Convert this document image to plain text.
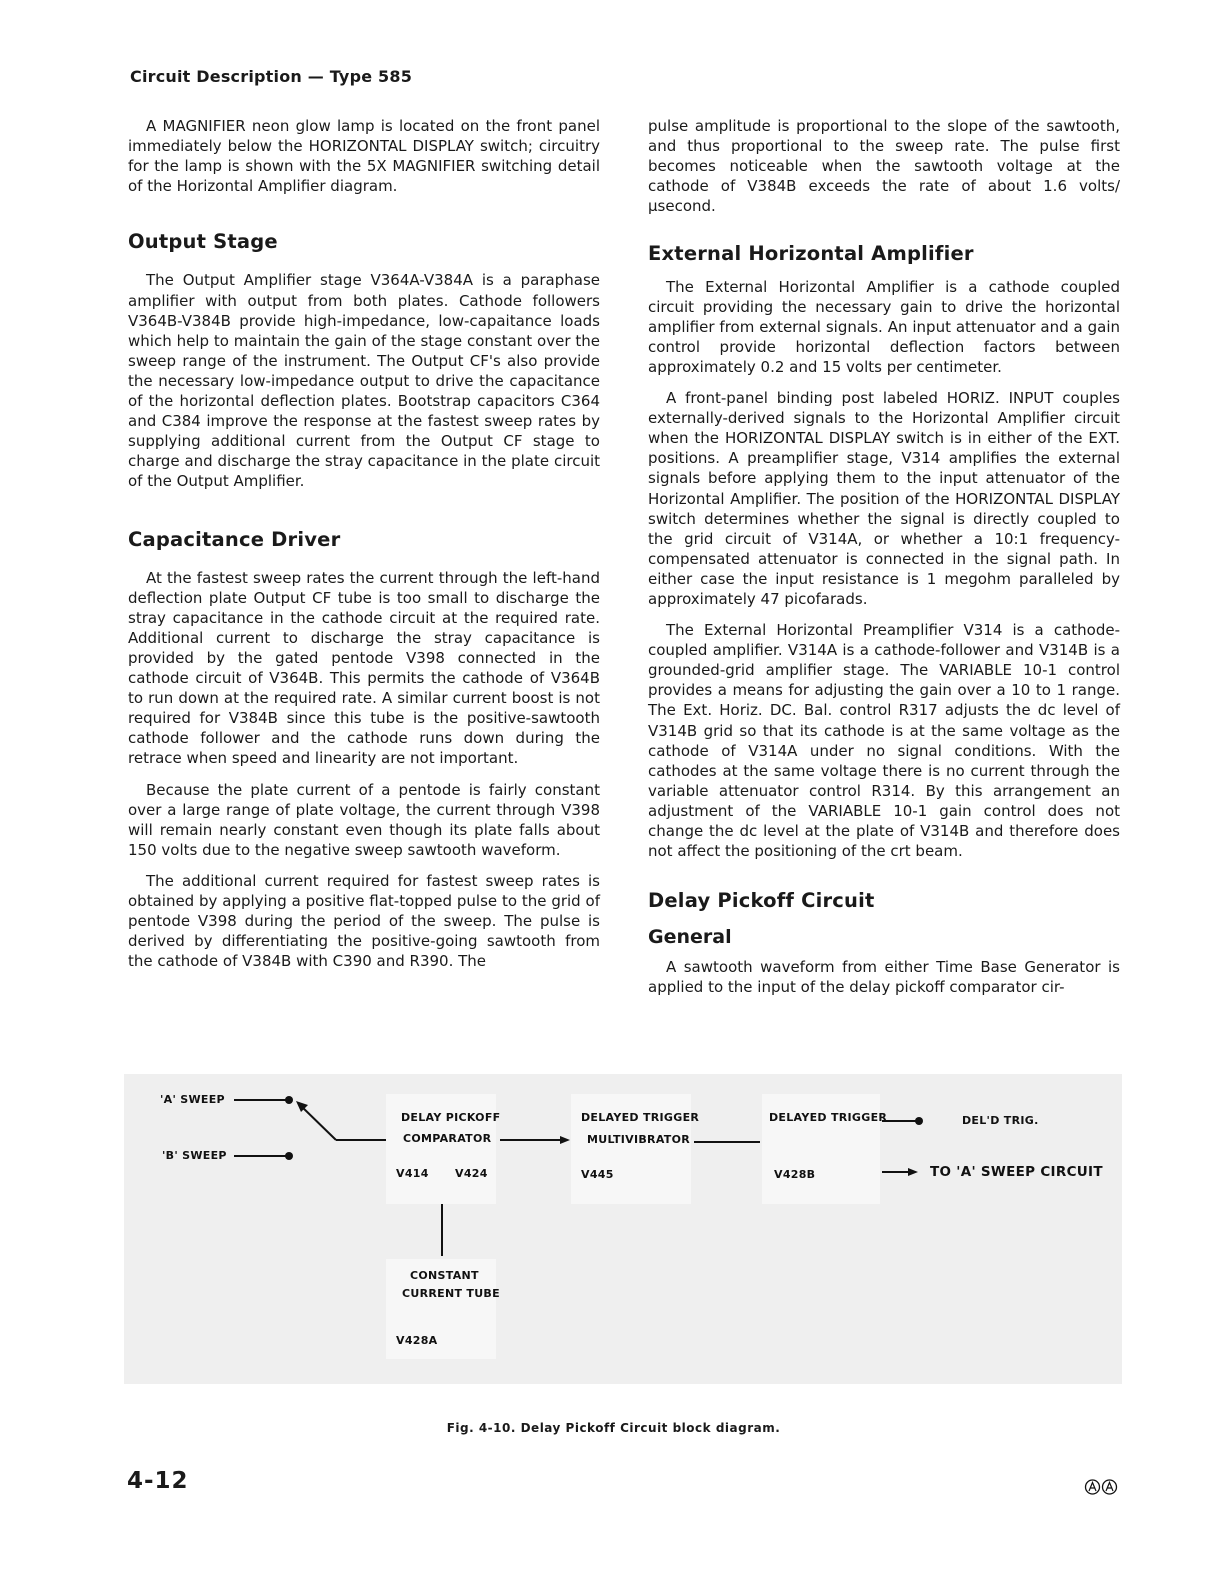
Circuit Description — Type 585

A MAGNIFIER neon glow lamp is located on the front panel immediately below the HORIZONTAL DISPLAY switch; circuitry for the lamp is shown with the 5X MAGNIFIER switching detail of the Horizontal Amplifier diagram.

Output Stage

The Output Amplifier stage V364A-V384A is a paraphase amplifier with output from both plates. Cathode followers V364B-V384B provide high-impedance, low-capaitance loads which help to maintain the gain of the stage constant over the sweep range of the instrument. The Output CF's also provide the necessary low-impedance output to drive the capacitance of the horizontal deflection plates. Bootstrap capacitors C364 and C384 improve the response at the fastest sweep rates by supplying additional current from the Output CF stage to charge and discharge the stray capacitance in the plate circuit of the Output Amplifier.

Capacitance Driver

At the fastest sweep rates the current through the left-hand deflection plate Output CF tube is too small to discharge the stray capacitance in the cathode circuit at the required rate. Additional current to discharge the stray capacitance is provided by the gated pentode V398 connected in the cathode circuit of V364B. This permits the cathode of V364B to run down at the required rate. A similar current boost is not required for V384B since this tube is the positive-sawtooth cathode follower and the cathode runs down during the retrace when speed and linearity are not important.

Because the plate current of a pentode is fairly constant over a large range of plate voltage, the current through V398 will remain nearly constant even though its plate falls about 150 volts due to the negative sweep sawtooth waveform.

The additional current required for fastest sweep rates is obtained by applying a positive flat-topped pulse to the grid of pentode V398 during the period of the sweep. The pulse is derived by differentiating the positive-going sawtooth from the cathode of V384B with C390 and R390. The

pulse amplitude is proportional to the slope of the sawtooth, and thus proportional to the sweep rate. The pulse first becomes noticeable when the sawtooth voltage at the cathode of V384B exceeds the rate of about 1.6 volts/μsecond.

External Horizontal Amplifier

The External Horizontal Amplifier is a cathode coupled circuit providing the necessary gain to drive the horizontal amplifier from external signals. An input attenuator and a gain control provide horizontal deflection factors between approximately 0.2 and 15 volts per centimeter.

A front-panel binding post labeled HORIZ. INPUT couples externally-derived signals to the Horizontal Amplifier circuit when the HORIZONTAL DISPLAY switch is in either of the EXT. positions. A preamplifier stage, V314 amplifies the external signals before applying them to the input attenuator of the Horizontal Amplifier. The position of the HORIZONTAL DISPLAY switch determines whether the signal is directly coupled to the grid circuit of V314A, or whether a 10:1 frequency-compensated attenuator is connected in the signal path. In either case the input resistance is 1 megohm paralleled by approximately 47 picofarads.

The External Horizontal Preamplifier V314 is a cathode-coupled amplifier. V314A is a cathode-follower and V314B is a grounded-grid amplifier stage. The VARIABLE 10-1 control provides a means for adjusting the gain over a 10 to 1 range. The Ext. Horiz. DC. Bal. control R317 adjusts the dc level of V314B grid so that its cathode is at the same voltage as the cathode of V314A under no signal conditions. With the cathodes at the same voltage there is no current through the variable attenuator control R314. By this arrangement an adjustment of the VARIABLE 10-1 gain control does not change the dc level at the plate of V314B and therefore does not affect the positioning of the crt beam.

Delay Pickoff Circuit
General

A sawtooth waveform from either Time Base Generator is applied to the input of the delay pickoff comparator cir-

'A' SWEEP
'B' SWEEP
DELAY PICKOFF
COMPARATOR
V414 V424
DELAYED TRIGGER
MULTIVIBRATOR
V445
DELAYED TRIGGER
V428B
CONSTANT
CURRENT TUBE
V428A
DEL'D TRIG.
TO 'A' SWEEP CIRCUIT
Fig. 4-10. Delay Pickoff Circuit block diagram.
4-12
